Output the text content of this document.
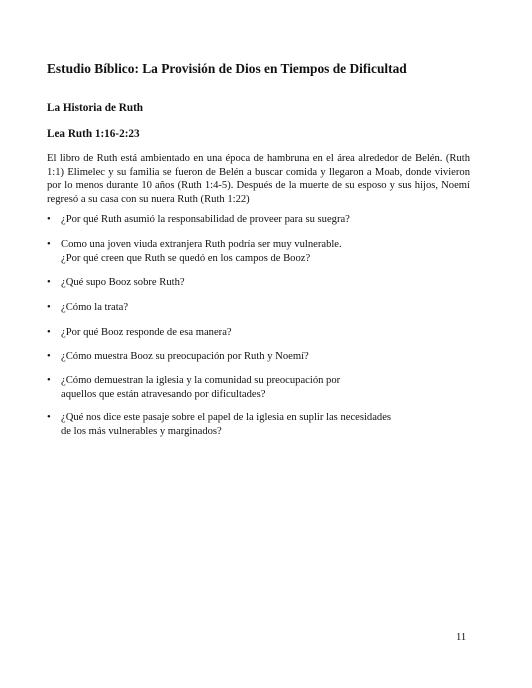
Estudio Bíblico: La Provisión de Dios en Tiempos de Dificultad
La Historia de Ruth
Lea Ruth 1:16-2:23
El libro de Ruth está ambientado en una época de hambruna en el área alrededor de Belén. (Ruth 1:1) Elimelec y su familia se fueron de Belén a buscar comida y llegaron a Moab, donde vivieron por lo menos durante 10 años (Ruth 1:4-5). Después de la muerte de su esposo y sus hijos, Noemí regresó a su casa con su nuera Ruth (Ruth 1:22)
• ¿Por qué Ruth asumió la responsabilidad de proveer para su suegra?
• Como una joven viuda extranjera Ruth podría ser muy vulnerable.
¿Por qué creen que Ruth se quedó en los campos de Booz?
• ¿Qué supo Booz sobre Ruth?
• ¿Cómo la trata?
• ¿Por qué Booz responde de esa manera?
• ¿Cómo muestra Booz su preocupación por Ruth y Noemí?
• ¿Cómo demuestran la iglesia y la comunidad su preocupación por
aquellos que están atravesando por dificultades?
• ¿Qué nos dice este pasaje sobre el papel de la iglesia en suplir las necesidades
de los más vulnerables y marginados?
11
